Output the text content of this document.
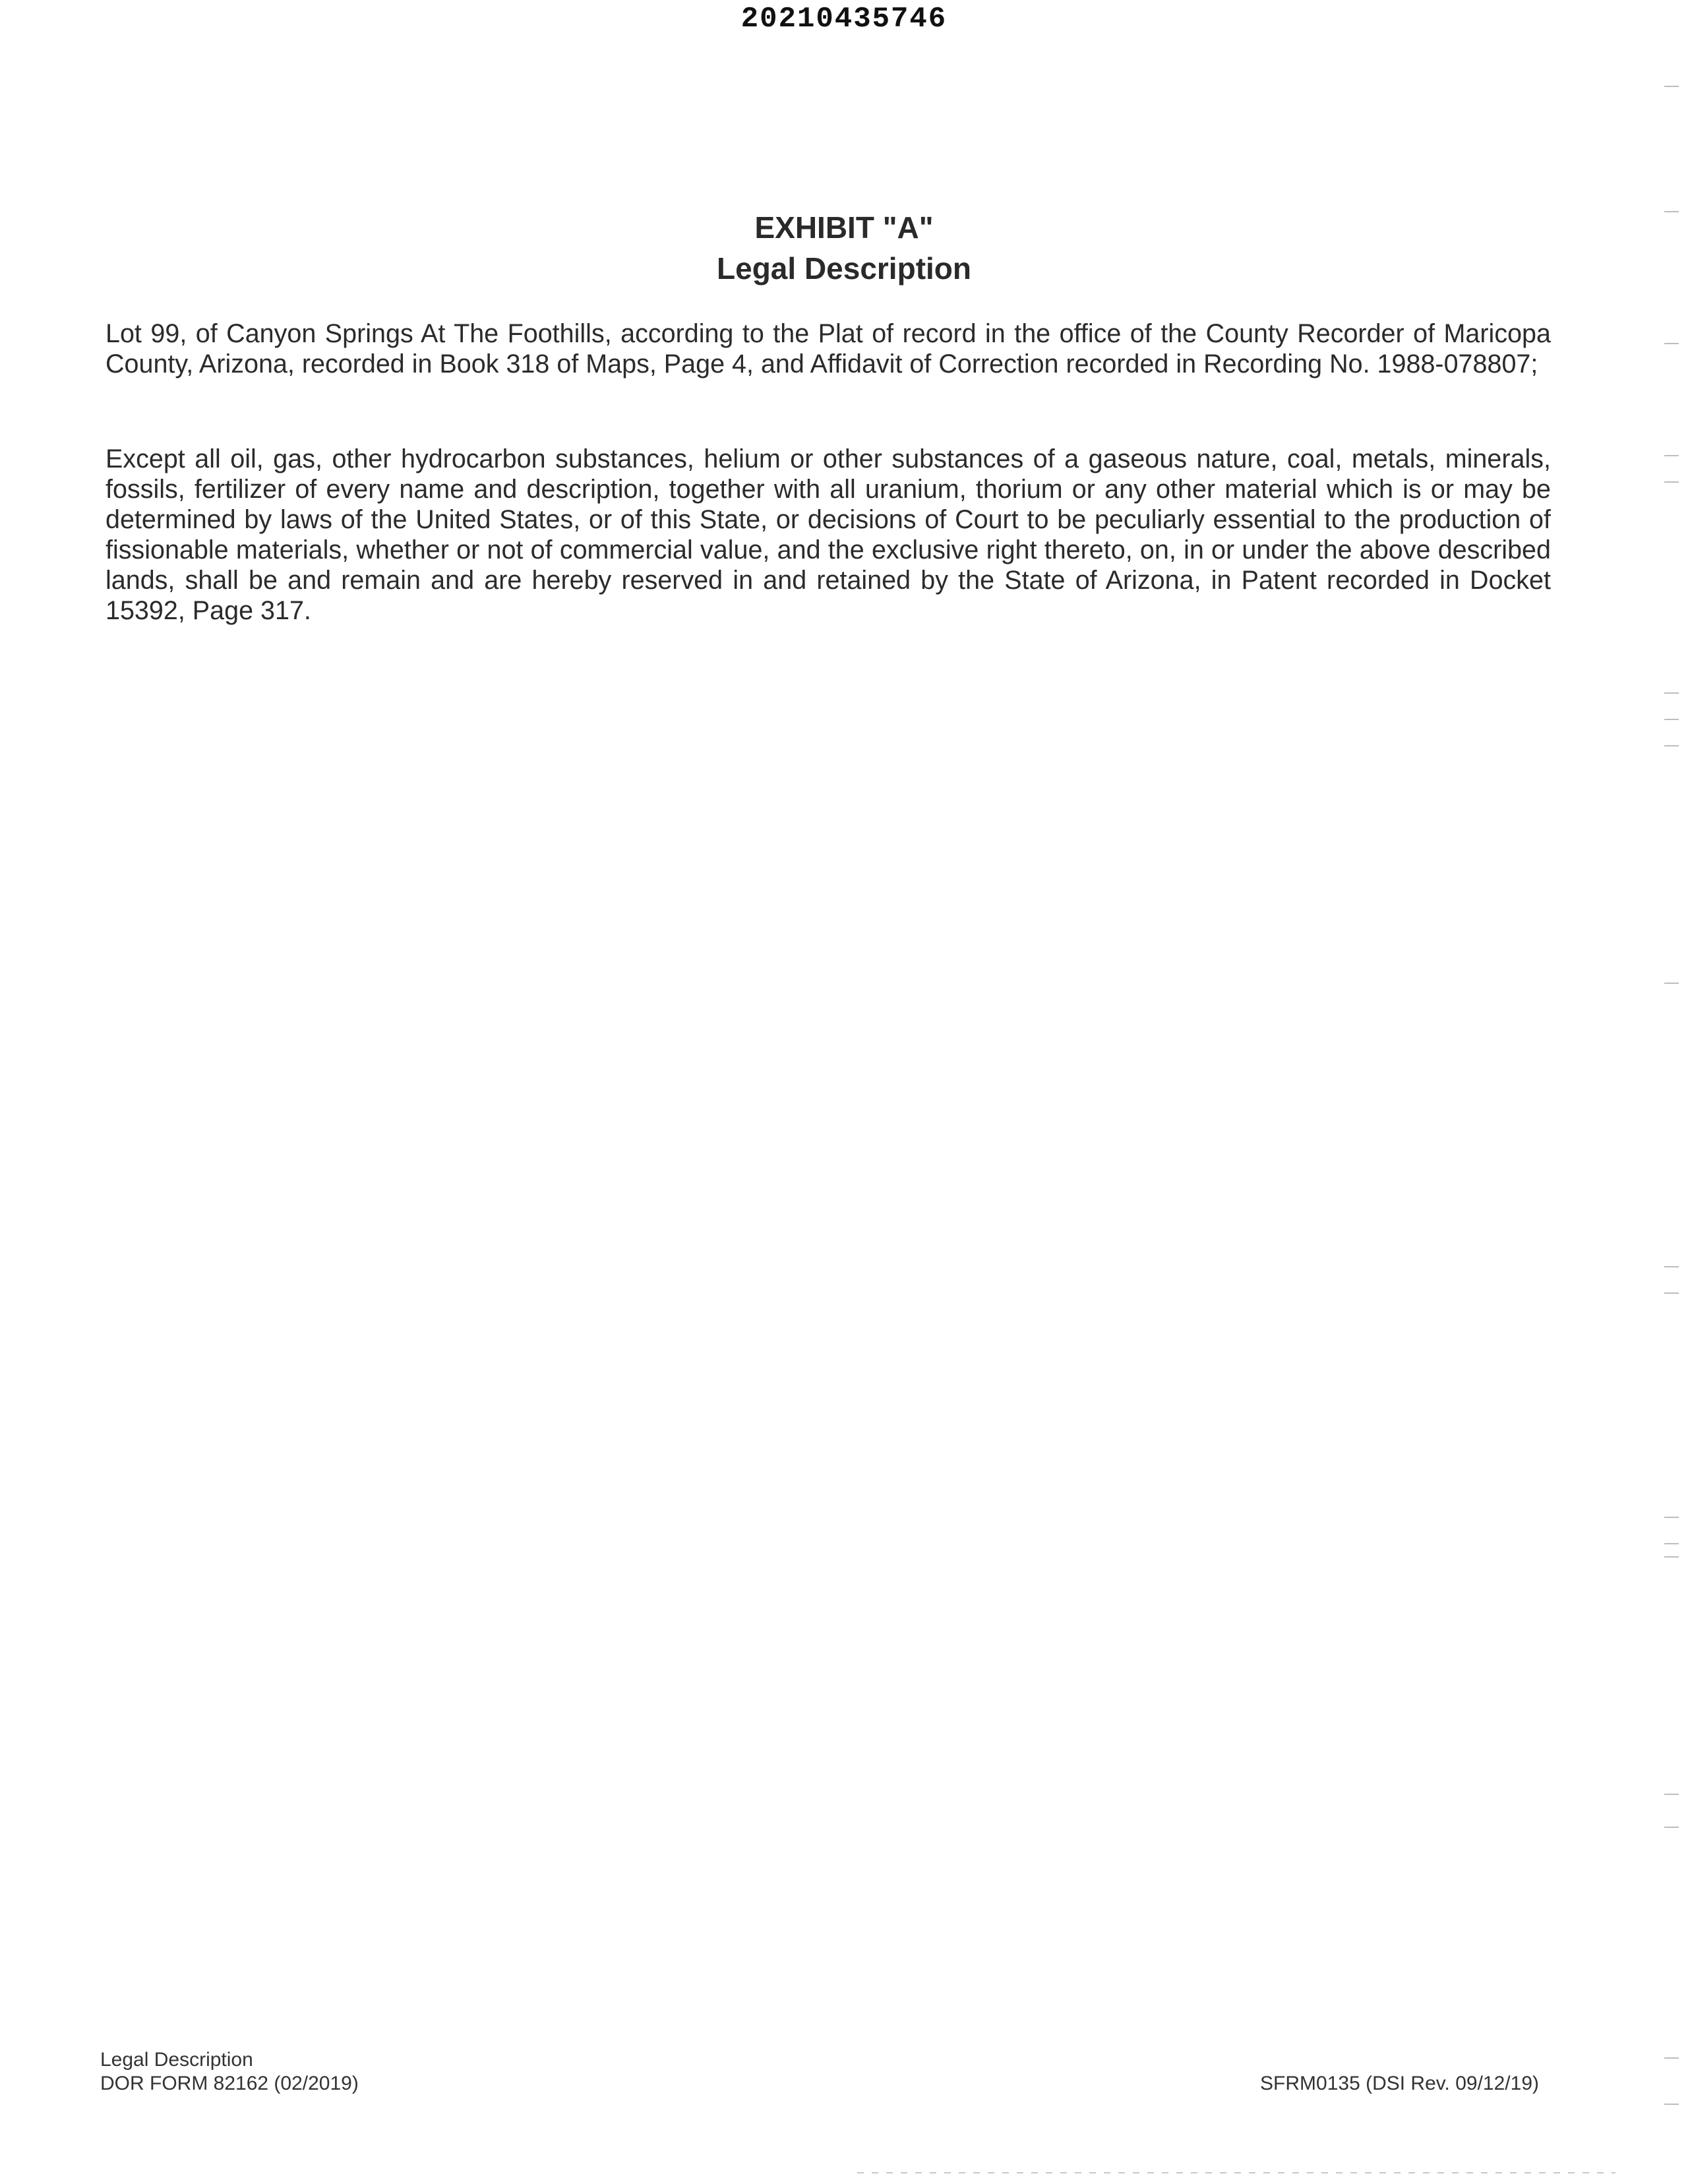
20210435746
EXHIBIT "A"
Legal Description

Lot 99, of Canyon Springs At The Foothills, according to the Plat of record in the office of the County Recorder of Maricopa County, Arizona, recorded in Book 318 of Maps, Page 4, and Affidavit of Correction recorded in Recording No. 1988-078807;

Except all oil, gas, other hydrocarbon substances, helium or other substances of a gaseous nature, coal, metals, minerals, fossils, fertilizer of every name and description, together with all uranium, thorium or any other material which is or may be determined by laws of the United States, or of this State, or decisions of Court to be peculiarly essential to the production of fissionable materials, whether or not of commercial value, and the exclusive right thereto, on, in or under the above described lands, shall be and remain and are hereby reserved in and retained by the State of Arizona, in Patent recorded in Docket 15392, Page 317.

Legal Description
DOR FORM 82162 (02/2019)	SFRM0135 (DSI Rev. 09/12/19)
